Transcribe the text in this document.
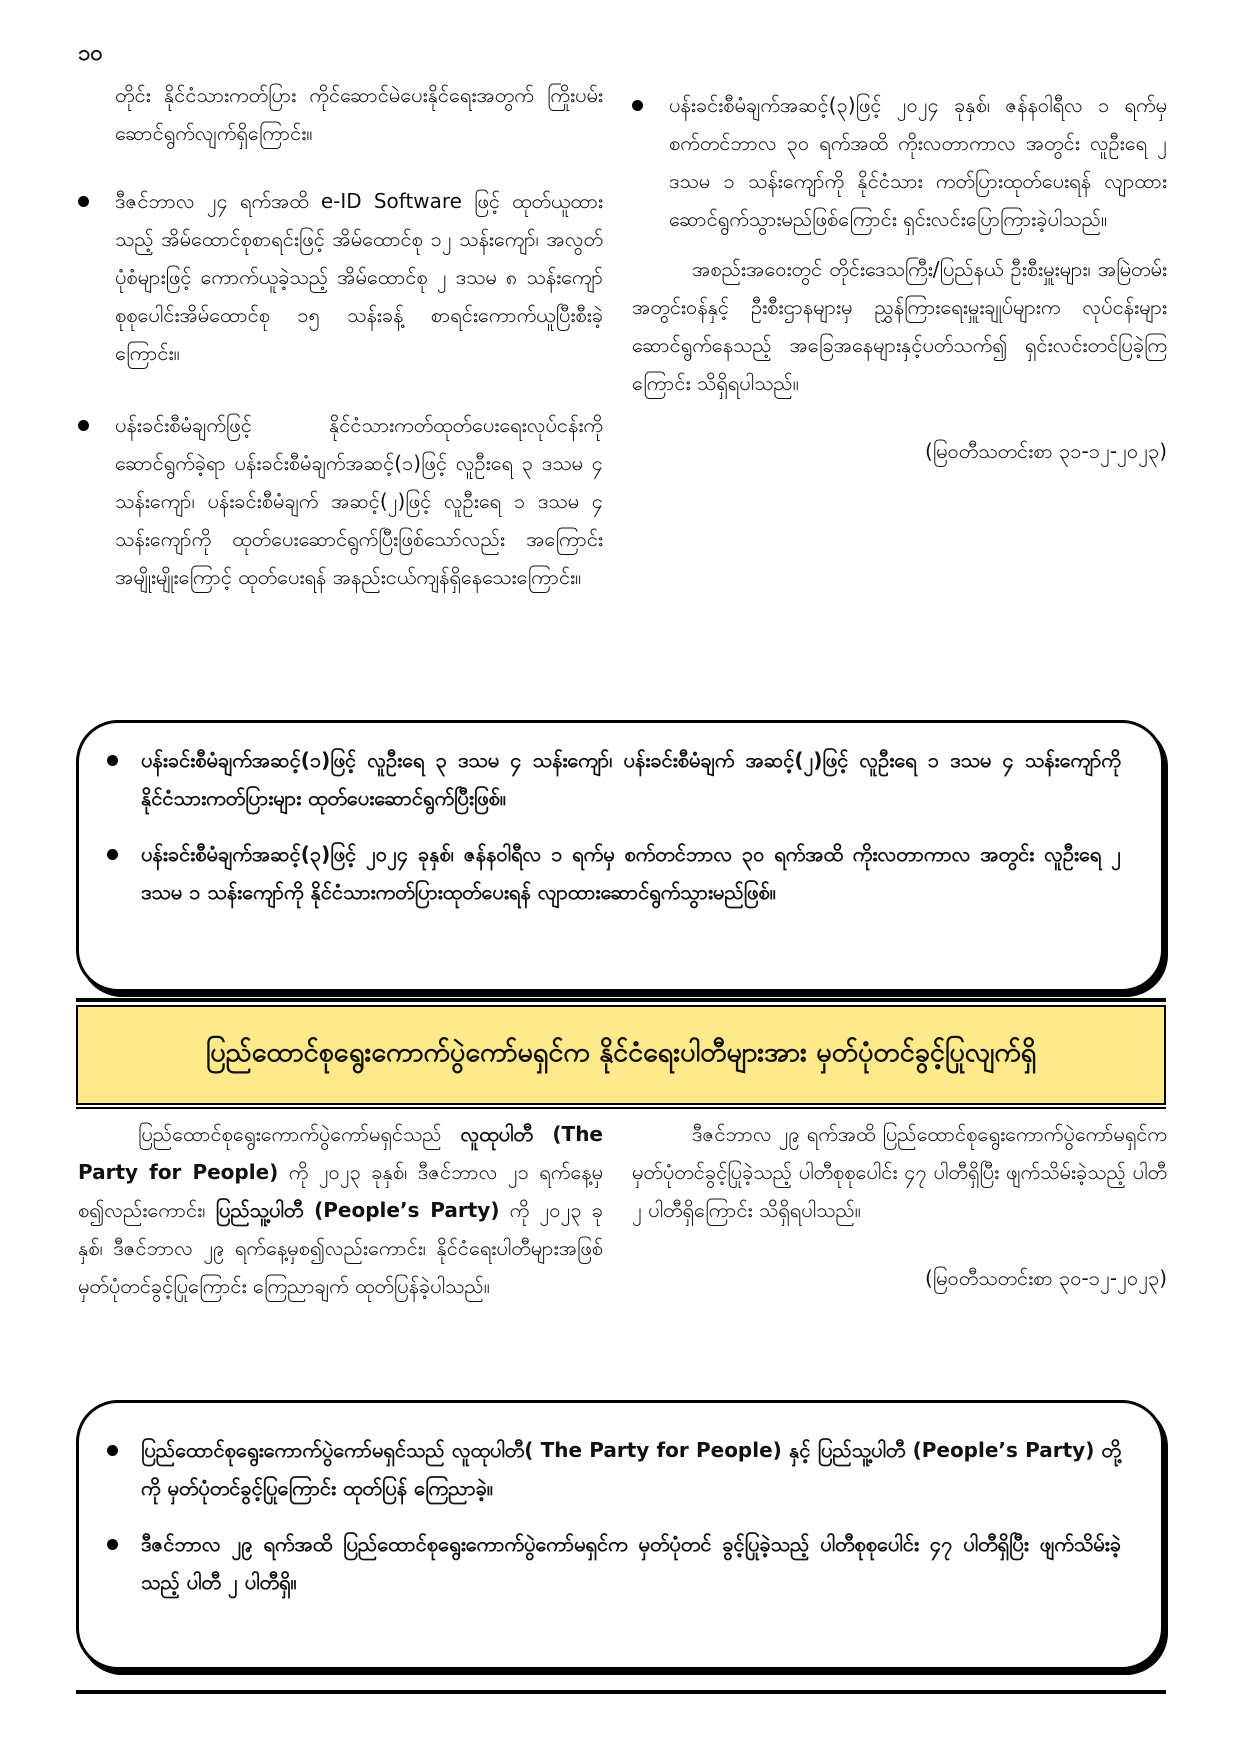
၁၀

တိုင်း နိုင်ငံသားကတ်ပြား ကိုင်ဆောင်မဲပေးနိုင်ရေးအတွက် ကြိုးပမ်းဆောင်ရွက်လျက်ရှိကြောင်း။

ဒီဇင်ဘာလ ၂၄ ရက်အထိ e-ID Software ဖြင့် ထုတ်ယူထားသည့် အိမ်ထောင်စုစာရင်းဖြင့် အိမ်ထောင်စု ၁၂ သန်းကျော်၊ အလွတ်ပုံစံများဖြင့် ကောက်ယူခဲ့သည့် အိမ်ထောင်စု ၂ ဒသမ ၈ သန်းကျော် စုစုပေါင်းအိမ်ထောင်စု ၁၅ သန်းခန့် စာရင်းကောက်ယူပြီးစီးခဲ့ကြောင်း။
ပန်းခင်းစီမံချက်ဖြင့် နိုင်ငံသားကတ်ထုတ်ပေးရေးလုပ်ငန်းကို ဆောင်ရွက်ခဲ့ရာ ပန်းခင်းစီမံချက်အဆင့်(၁)ဖြင့် လူဦးရေ ၃ ဒသမ ၄ သန်းကျော်၊ ပန်းခင်းစီမံချက် အဆင့်(၂)ဖြင့် လူဦးရေ ၁ ဒသမ ၄ သန်းကျော်ကို ထုတ်ပေးဆောင်ရွက်ပြီးဖြစ်သော်လည်း အကြောင်းအမျိုးမျိုးကြောင့် ထုတ်ပေးရန် အနည်းငယ်ကျန်ရှိနေသေးကြောင်း။
ပန်းခင်းစီမံချက်အဆင့်(၃)ဖြင့် ၂၀၂၄ ခုနှစ်၊ ဇန်နဝါရီလ ၁ ရက်မှ စက်တင်ဘာလ ၃၀ ရက်အထိ ကိုးလတာကာလ အတွင်း လူဦးရေ ၂ ဒသမ ၁ သန်းကျော်ကို နိုင်ငံသား ကတ်ပြားထုတ်ပေးရန် လျာထားဆောင်ရွက်သွားမည်ဖြစ်ကြောင်း ရှင်းလင်းပြောကြားခဲ့ပါသည်။

အစည်းအဝေးတွင် တိုင်းဒေသကြီး/ပြည်နယ် ဦးစီးမှူးများ၊ အမြဲတမ်းအတွင်းဝန်နှင့် ဦးစီးဌာနများမှ ညွှန်ကြားရေးမှူးချုပ်များက လုပ်ငန်းများဆောင်ရွက်နေသည့် အခြေအနေများနှင့်ပတ်သက်၍ ရှင်းလင်းတင်ပြခဲ့ကြကြောင်း သိရှိရပါသည်။

(မြဝတီသတင်းစာ ၃၁-၁၂-၂၀၂၃)

ပန်းခင်းစီမံချက်အဆင့်(၁)ဖြင့် လူဦးရေ ၃ ဒသမ ၄ သန်းကျော်၊ ပန်းခင်းစီမံချက် အဆင့်(၂)ဖြင့် လူဦးရေ ၁ ဒသမ ၄ သန်းကျော်ကို နိုင်ငံသားကတ်ပြားများ ထုတ်ပေးဆောင်ရွက်ပြီးဖြစ်။
ပန်းခင်းစီမံချက်အဆင့်(၃)ဖြင့် ၂၀၂၄ ခုနှစ်၊ ဇန်နဝါရီလ ၁ ရက်မှ စက်တင်ဘာလ ၃၀ ရက်အထိ ကိုးလတာကာလ အတွင်း လူဦးရေ ၂ ဒသမ ၁ သန်းကျော်ကို နိုင်ငံသားကတ်ပြားထုတ်ပေးရန် လျာထားဆောင်ရွက်သွားမည်ဖြစ်။
ပြည်ထောင်စုရွေးကောက်ပွဲကော်မရှင်က နိုင်ငံရေးပါတီများအား မှတ်ပုံတင်ခွင့်ပြုလျက်ရှိ

ပြည်ထောင်စုရွေးကောက်ပွဲကော်မရှင်သည် လူထုပါတီ (The Party for People) ကို ၂၀၂၃ ခုနှစ်၊ ဒီဇင်ဘာလ ၂၁ ရက်နေ့မှစ၍လည်းကောင်း၊ ပြည်သူ့ပါတီ (People’s Party) ကို ၂၀၂၃ ခုနှစ်၊ ဒီဇင်ဘာလ ၂၉ ရက်နေ့မှစ၍လည်းကောင်း၊ နိုင်ငံရေးပါတီများအဖြစ် မှတ်ပုံတင်ခွင့်ပြုကြောင်း ကြေညာချက် ထုတ်ပြန်ခဲ့ပါသည်။

ဒီဇင်ဘာလ ၂၉ ရက်အထိ ပြည်ထောင်စုရွေးကောက်ပွဲကော်မရှင်က မှတ်ပုံတင်ခွင့်ပြုခဲ့သည့် ပါတီစုစုပေါင်း ၄၇ ပါတီရှိပြီး ဖျက်သိမ်းခဲ့သည့် ပါတီ ၂ ပါတီရှိကြောင်း သိရှိရပါသည်။

(မြဝတီသတင်းစာ ၃၀-၁၂-၂၀၂၃)

ပြည်ထောင်စုရွေးကောက်ပွဲကော်မရှင်သည် လူထုပါတီ( The Party for People) နှင့် ပြည်သူ့ပါတီ (People’s Party) တို့ကို မှတ်ပုံတင်ခွင့်ပြုကြောင်း ထုတ်ပြန် ကြေညာခဲ့။
ဒီဇင်ဘာလ ၂၉ ရက်အထိ ပြည်ထောင်စုရွေးကောက်ပွဲကော်မရှင်က မှတ်ပုံတင် ခွင့်ပြုခဲ့သည့် ပါတီစုစုပေါင်း ၄၇ ပါတီရှိပြီး ဖျက်သိမ်းခဲ့သည့် ပါတီ ၂ ပါတီရှိ။
